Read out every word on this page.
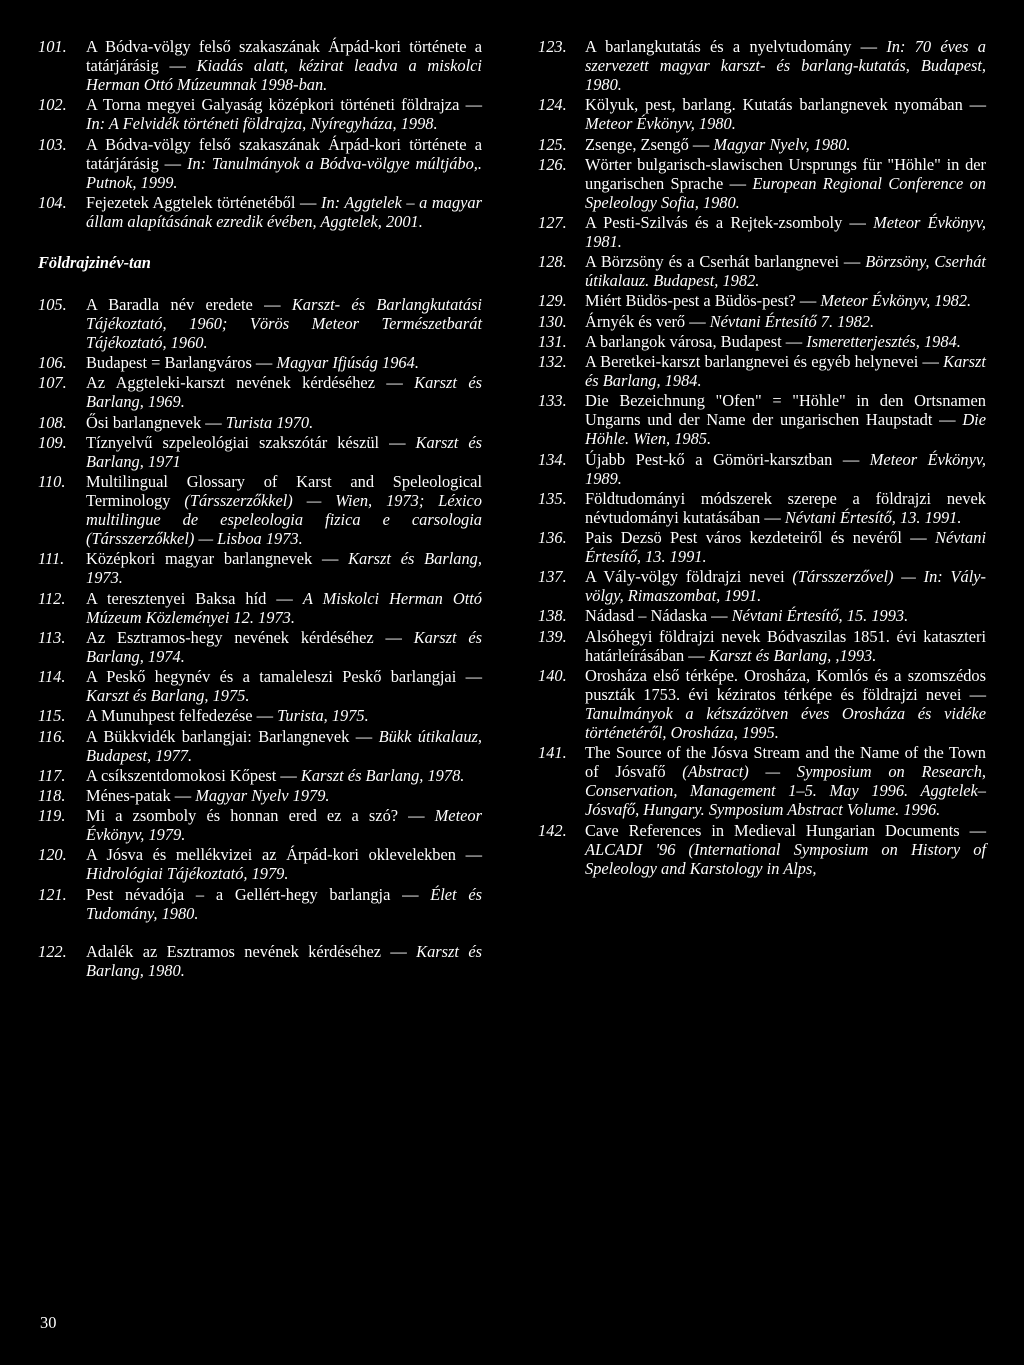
101.	A Bódva-völgy felső szakaszának Árpád-kori története a tatárjárásig — Kiadás alatt, kézirat leadva a miskolci Herman Ottó Múzeumnak 1998-ban.
102.	A Torna megyei Galyaság középkori történeti földrajza — In: A Felvidék történeti földrajza, Nyíregyháza, 1998.
103.	A Bódva-völgy felső szakaszának Árpád-kori története a tatárjárásig — In: Tanulmányok a Bódva-völgye múltjábo,. Putnok, 1999.
104.	Fejezetek Aggtelek történetéből — In: Aggtelek – a magyar állam alapításának ezredik évében, Aggtelek, 2001.
Földrajzinév-tan
105.	A Baradla név eredete — Karszt- és Barlangkutatási Tájékoztató, 1960; Vörös Meteor Természetbarát Tájékoztató, 1960.
106.	Budapest = Barlangváros — Magyar Ifjúság 1964.
107.	Az Aggteleki-karszt nevének kérdéséhez — Karszt és Barlang, 1969.
108.	Ősi barlangnevek — Turista 1970.
109.	Tíznyelvű szpeleológiai szakszótár készül — Karszt és Barlang, 1971
110.	Multilingual Glossary of Karst and Speleological Terminology (Társszerzőkkel) — Wien, 1973; Léxico multilingue de espeleologia fizica e carsologia (Társszerzőkkel) — Lisboa 1973.
111.	Középkori magyar barlangnevek — Karszt és Barlang, 1973.
112.	A teresztenyei Baksa híd — A Miskolci Herman Ottó Múzeum Közleményei 12. 1973.
113.	Az Esztramos-hegy nevének kérdéséhez — Karszt és Barlang, 1974.
114.	A Peskő hegynév és a tamaleleszi Peskő barlangjai — Karszt és Barlang, 1975.
115.	A Munuhpest felfedezése — Turista, 1975.
116.	A Bükkvidék barlangjai: Barlangnevek — Bükk útikalauz, Budapest, 1977.
117.	A csíkszentdomokosi Kőpest — Karszt és Barlang, 1978.
118.	Ménes-patak — Magyar Nyelv 1979.
119.	Mi a zsomboly és honnan ered ez a szó? — Meteor Évkönyv, 1979.
120.	A Jósva és mellékvizei az Árpád-kori oklevelekben — Hidrológiai Tájékoztató, 1979.
121.	Pest névadója – a Gellért-hegy barlangja — Élet és Tudomány, 1980.
122.	Adalék az Esztramos nevének kérdéséhez — Karszt és Barlang, 1980.
123.	A barlangkutatás és a nyelvtudomány — In: 70 éves a szervezett magyar karszt- és barlang-kutatás, Budapest, 1980.
124.	Kölyuk, pest, barlang. Kutatás barlangnevek nyomában — Meteor Évkönyv, 1980.
125.	Zsenge, Zsengő — Magyar Nyelv, 1980.
126.	Wörter bulgarisch-slawischen Ursprungs für "Höhle" in der ungarischen Sprache — European Regional Conference on Speleology Sofia, 1980.
127.	A Pesti-Szilvás és a Rejtek-zsomboly — Meteor Évkönyv, 1981.
128.	A Börzsöny és a Cserhát barlangnevei — Börzsöny, Cserhát útikalauz. Budapest, 1982.
129.	Miért Büdös-pest a Büdös-pest? — Meteor Évkönyv, 1982.
130.	Árnyék és verő — Névtani Értesítő 7. 1982.
131.	A barlangok városa, Budapest — Ismeretterjesztés, 1984.
132.	A Beretkei-karszt barlangnevei és egyéb helynevei — Karszt és Barlang, 1984.
133.	Die Bezeichnung "Ofen" = "Höhle" in den Ortsnamen Ungarns und der Name der ungarischen Haupstadt — Die Höhle. Wien, 1985.
134.	Újabb Pest-kő a Gömöri-karsztban — Meteor Évkönyv, 1989.
135.	Földtudományi módszerek szerepe a földrajzi nevek névtudományi kutatásában — Névtani Értesítő, 13. 1991.
136.	Pais Dezsö Pest város kezdeteiről és nevéről — Névtani Értesítő, 13. 1991.
137.	A Vály-völgy földrajzi nevei (Társszerzővel) — In: Vály-völgy, Rimaszombat, 1991.
138.	Nádasd – Nádaska — Névtani Értesítő, 15. 1993.
139.	Alsóhegyi földrajzi nevek Bódvaszilas 1851. évi kataszteri határleírásában — Karszt és Barlang, ,1993.
140.	Orosháza első térképe. Orosháza, Komlós és a szomszédos puszták 1753. évi kéziratos térképe és földrajzi nevei — Tanulmányok a kétszázötven éves Orosháza és vidéke történetéről, Orosháza, 1995.
141.	The Source of the Jósva Stream and the Name of the Town of Jósvafő (Abstract) — Symposium on Research, Conservation, Management 1–5. May 1996. Aggtelek–Jósvafő, Hungary. Symposium Abstract Volume. 1996.
142.	Cave References in Medieval Hungarian Documents — ALCADI '96 (International Symposium on History of Speleology and Karstology in Alps,
30
